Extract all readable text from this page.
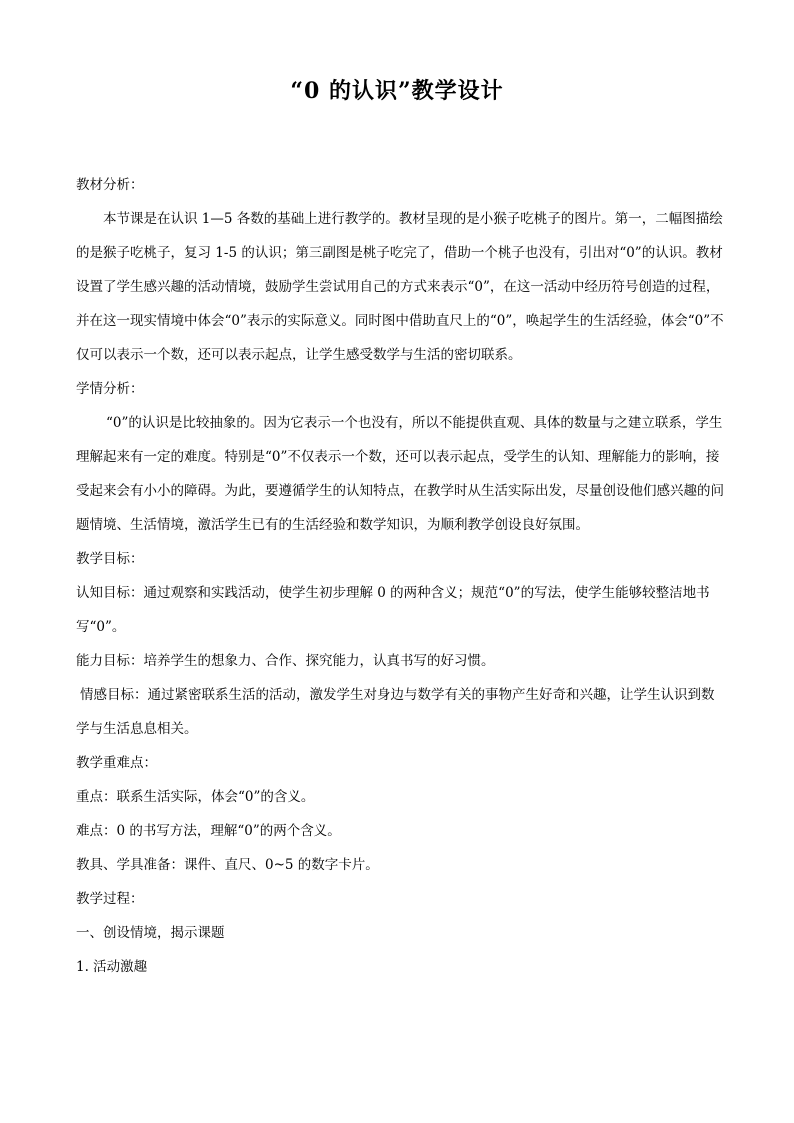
“0 的认识”教学设计

教材分析：

本节课是在认识 1—5 各数的基础上进行教学的。教材呈现的是小猴子吃桃子的图片。第一，二幅图描绘的是猴子吃桃子，复习 1-5 的认识；第三副图是桃子吃完了，借助一个桃子也没有，引出对“0”的认识。教材设置了学生感兴趣的活动情境，鼓励学生尝试用自己的方式来表示“0”，在这一活动中经历符号创造的过程，并在这一现实情境中体会“0”表示的实际意义。同时图中借助直尺上的“0”，唤起学生的生活经验，体会“0”不仅可以表示一个数，还可以表示起点，让学生感受数学与生活的密切联系。

学情分析：

“0”的认识是比较抽象的。因为它表示一个也没有，所以不能提供直观、具体的数量与之建立联系，学生理解起来有一定的难度。特别是“0”不仅表示一个数，还可以表示起点，受学生的认知、理解能力的影响，接受起来会有小小的障碍。为此，要遵循学生的认知特点，在教学时从生活实际出发，尽量创设他们感兴趣的问题情境、生活情境，激活学生已有的生活经验和数学知识，为顺利教学创设良好氛围。

教学目标：

认知目标：通过观察和实践活动，使学生初步理解 0 的两种含义；规范“0”的写法，使学生能够较整洁地书写“0”。

能力目标：培养学生的想象力、合作、探究能力，认真书写的好习惯。

情感目标：通过紧密联系生活的活动，激发学生对身边与数学有关的事物产生好奇和兴趣，让学生认识到数学与生活息息相关。

教学重难点：

重点：联系生活实际，体会“0”的含义。

难点：0 的书写方法，理解“0”的两个含义。

教具、学具准备：课件、直尺、0~5 的数字卡片。

教学过程：

一、创设情境，揭示课题

1. 活动激趣
